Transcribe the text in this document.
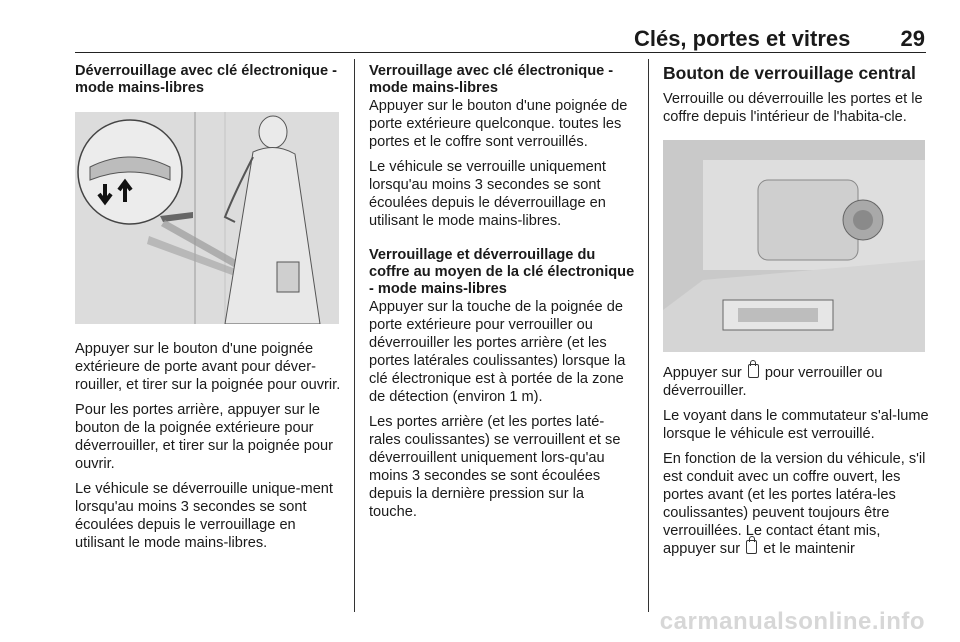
Clés, portes et vitres 29
Déverrouillage avec clé électronique - mode mains-libres

Appuyer sur le bouton d'une poignée extérieure de porte avant pour déver-rouiller, et tirer sur la poignée pour ouvrir.

Pour les portes arrière, appuyer sur le bouton de la poignée extérieure pour déverrouiller, et tirer sur la poignée pour ouvrir.

Le véhicule se déverrouille unique-ment lorsqu'au moins 3 secondes se sont écoulées depuis le verrouillage en utilisant le mode mains-libres.

Verrouillage avec clé électronique - mode mains-libres

Appuyer sur le bouton d'une poignée de porte extérieure quelconque. toutes les portes et le coffre sont verrouillés.

Le véhicule se verrouille uniquement lorsqu'au moins 3 secondes se sont écoulées depuis le déverrouillage en utilisant le mode mains-libres.

Verrouillage et déverrouillage du coffre au moyen de la clé électronique - mode mains-libres

Appuyer sur la touche de la poignée de porte extérieure pour verrouiller ou déverrouiller les portes arrière (et les portes latérales coulissantes) lorsque la clé électronique est à portée de la zone de détection (environ 1 m).

Les portes arrière (et les portes laté-rales coulissantes) se verrouillent et se déverrouillent uniquement lors-qu'au moins 3 secondes se sont écoulées depuis la dernière pression sur la touche.

Bouton de verrouillage central

Verrouille ou déverrouille les portes et le coffre depuis l'intérieur de l'habita-cle.

Appuyer sur pour verrouiller ou déverrouiller.

Le voyant dans le commutateur s'al-lume lorsque le véhicule est verrouillé.

En fonction de la version du véhicule, s'il est conduit avec un coffre ouvert, les portes avant (et les portes latéra-les coulissantes) peuvent toujours être verrouillées. Le contact étant mis, appuyer sur et le maintenir

carmanualsonline.info
